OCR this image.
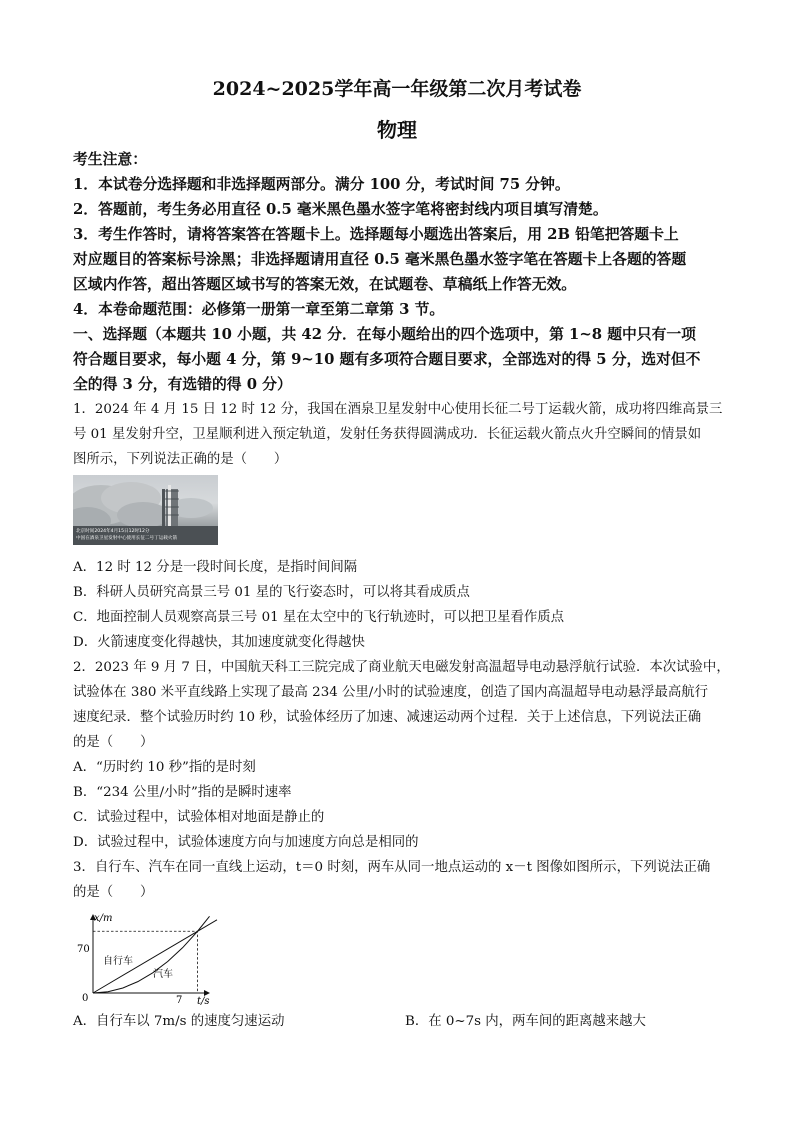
2024~2025学年高一年级第二次月考试卷
物理
考生注意：
1．本试卷分选择题和非选择题两部分。满分 100 分，考试时间 75 分钟。
2．答题前，考生务必用直径 0.5 毫米黑色墨水签字笔将密封线内项目填写清楚。
3．考生作答时，请将答案答在答题卡上。选择题每小题选出答案后，用 2B 铅笔把答题卡上
对应题目的答案标号涂黑；非选择题请用直径 0.5 毫米黑色墨水签字笔在答题卡上各题的答题
区域内作答，超出答题区域书写的答案无效，在试题卷、草稿纸上作答无效。
4．本卷命题范围：必修第一册第一章至第二章第 3 节。
一、选择题（本题共 10 小题，共 42 分．在每小题给出的四个选项中，第 1~8 题中只有一项
符合题目要求，每小题 4 分，第 9~10 题有多项符合题目要求，全部选对的得 5 分，选对但不
全的得 3 分，有选错的得 0 分）
1．2024 年 4 月 15 日 12 时 12 分，我国在酒泉卫星发射中心使用长征二号丁运载火箭，成功将四维高景三
号 01 星发射升空，卫星顺利进入预定轨道，发射任务获得圆满成功．长征运载火箭点火升空瞬间的情景如
图所示，下列说法正确的是（　　）
北京时间2024年4月15日12时12分
中国在酒泉卫星发射中心使用长征二号丁运载火箭
A．12 时 12 分是一段时间长度，是指时间间隔
B．科研人员研究高景三号 01 星的飞行姿态时，可以将其看成质点
C．地面控制人员观察高景三号 01 星在太空中的飞行轨迹时，可以把卫星看作质点
D．火箭速度变化得越快，其加速度就变化得越快
2．2023 年 9 月 7 日，中国航天科工三院完成了商业航天电磁发射高温超导电动悬浮航行试验．本次试验中，
试验体在 380 米平直线路上实现了最高 234 公里/小时的试验速度，创造了国内高温超导电动悬浮最高航行
速度纪录．整个试验历时约 10 秒，试验体经历了加速、减速运动两个过程．关于上述信息，下列说法正确
的是（　　）
A．“历时约 10 秒”指的是时刻
B．“234 公里/小时”指的是瞬时速率
C．试验过程中，试验体相对地面是静止的
D．试验过程中，试验体速度方向与加速度方向总是相同的
3．自行车、汽车在同一直线上运动，t＝0 时刻，两车从同一地点运动的 x－t 图像如图所示，下列说法正确
的是（　　）
x/m
t/s
70
7
0
自行车
汽车
A．自行车以 7m/s 的速度匀速运动	B．在 0~7s 内，两车间的距离越来越大
